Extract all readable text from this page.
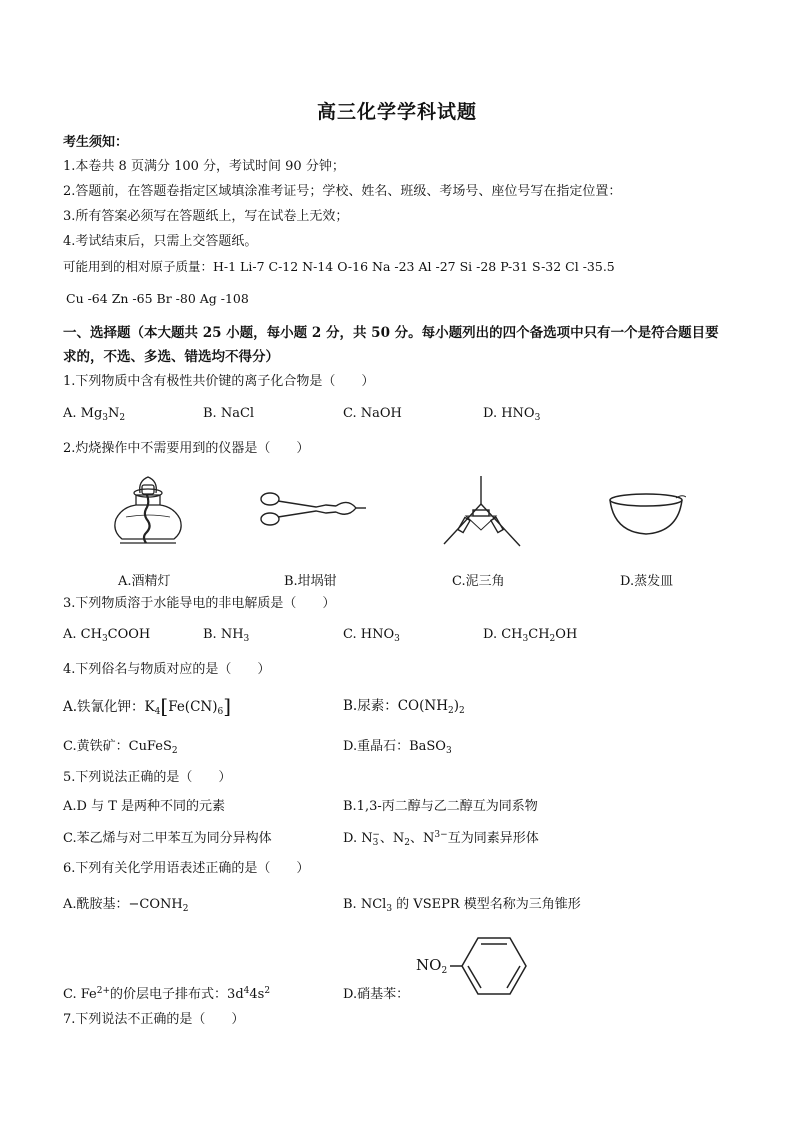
高三化学学科试题
考生须知：
1.本卷共 8 页满分 100 分，考试时间 90 分钟；
2.答题前，在答题卷指定区域填涂准考证号；学校、姓名、班级、考场号、座位号写在指定位置：
3.所有答案必须写在答题纸上，写在试卷上无效；
4.考试结束后，只需上交答题纸。
可能用到的相对原子质量：H-1 Li-7 C-12 N-14 O-16 Na -23 Al -27 Si -28 P-31 S-32 Cl -35.5
Cu -64 Zn -65 Br -80 Ag -108
一、选择题（本大题共 25 小题，每小题 2 分，共 50 分。每小题列出的四个备选项中只有一个是符合题目要
求的，不选、多选、错选均不得分）
1.下列物质中含有极性共价键的离子化合物是（　　）
A. $Mg_3N_2$	B. NaCl	C. NaOH	D. $HNO_3$
2.灼烧操作中不需要用到的仪器是（　　）
A.酒精灯	B.坩埚钳	C.泥三角	D.蒸发皿
3.下列物质溶于水能导电的非电解质是（　　）
A. $CH_3COOH$	B. $NH_3$	C. $HNO_3$	D. $CH_3CH_2OH$
4.下列俗名与物质对应的是（　　）
A.铁氰化钾：$K_4[Fe(CN)_6]$	B.尿素：$CO(NH_2)_2$
C.黄铁矿：CuFeS$_2$	D.重晶石：BaSO$_3$
5.下列说法正确的是（　　）
A.D 与 T 是两种不同的元素	B.1,3-丙二醇与乙二醇互为同系物
C.苯乙烯与对二甲苯互为同分异构体	D. $N_3^-$、$N_2$、$N^{3-}$互为同素异形体
6.下列有关化学用语表述正确的是（　　）
A.酰胺基：$-CONH_2$	B. NCl$_3$ 的 VSEPR 模型名称为三角锥形
C. $Fe^{2+}$的价层电子排布式：$3d^44s^2$	D.硝基苯：
$NO_2$
7.下列说法不正确的是（　　）
